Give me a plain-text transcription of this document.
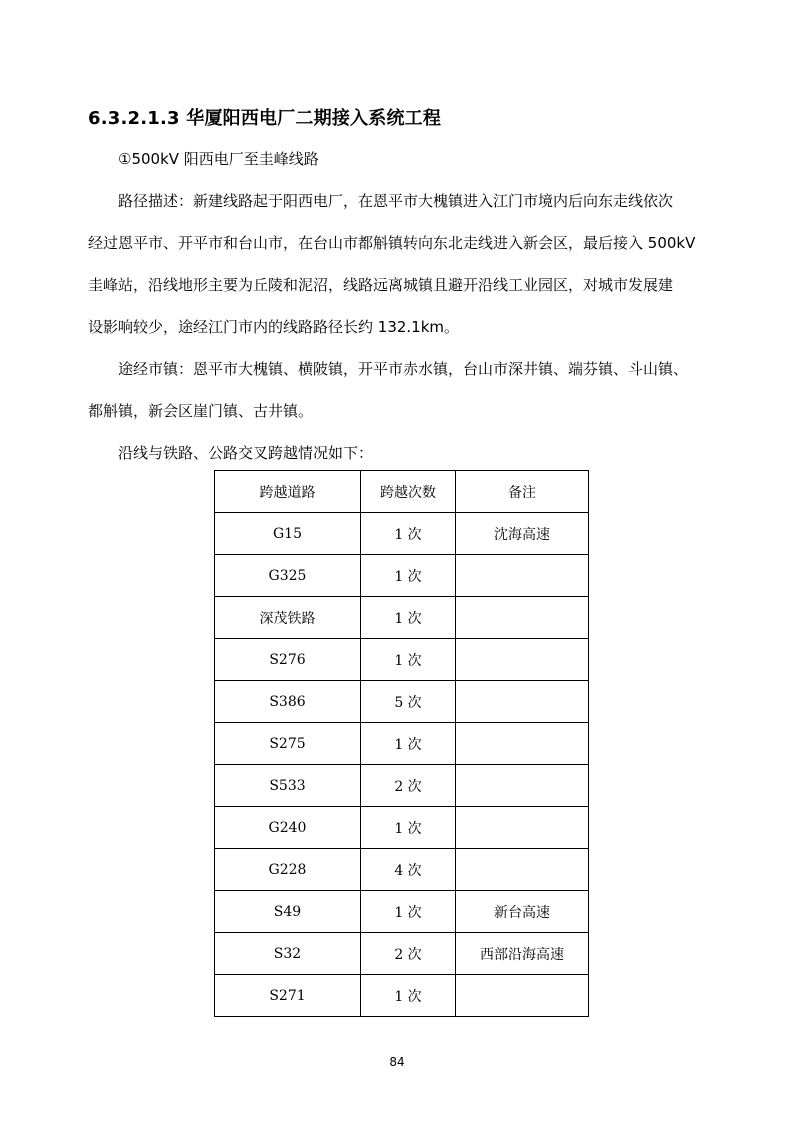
6.3.2.1.3 华厦阳西电厂二期接入系统工程
①500kV 阳西电厂至圭峰线路
路径描述：新建线路起于阳西电厂，在恩平市大槐镇进入江门市境内后向东走线依次
经过恩平市、开平市和台山市，在台山市都斛镇转向东北走线进入新会区，最后接入 500kV
圭峰站，沿线地形主要为丘陵和泥沼，线路远离城镇且避开沿线工业园区，对城市发展建
设影响较少，途经江门市内的线路路径长约 132.1km。
途经市镇：恩平市大槐镇、横陂镇，开平市赤水镇，台山市深井镇、端芬镇、斗山镇、
都斛镇，新会区崖门镇、古井镇。
沿线与铁路、公路交叉跨越情况如下：
跨越道路	跨越次数	备注
G15	1 次	沈海高速
G325	1 次	
深茂铁路	1 次	
S276	1 次	
S386	5 次	
S275	1 次	
S533	2 次	
G240	1 次	
G228	4 次	
S49	1 次	新台高速
S32	2 次	西部沿海高速
S271	1 次	
84
